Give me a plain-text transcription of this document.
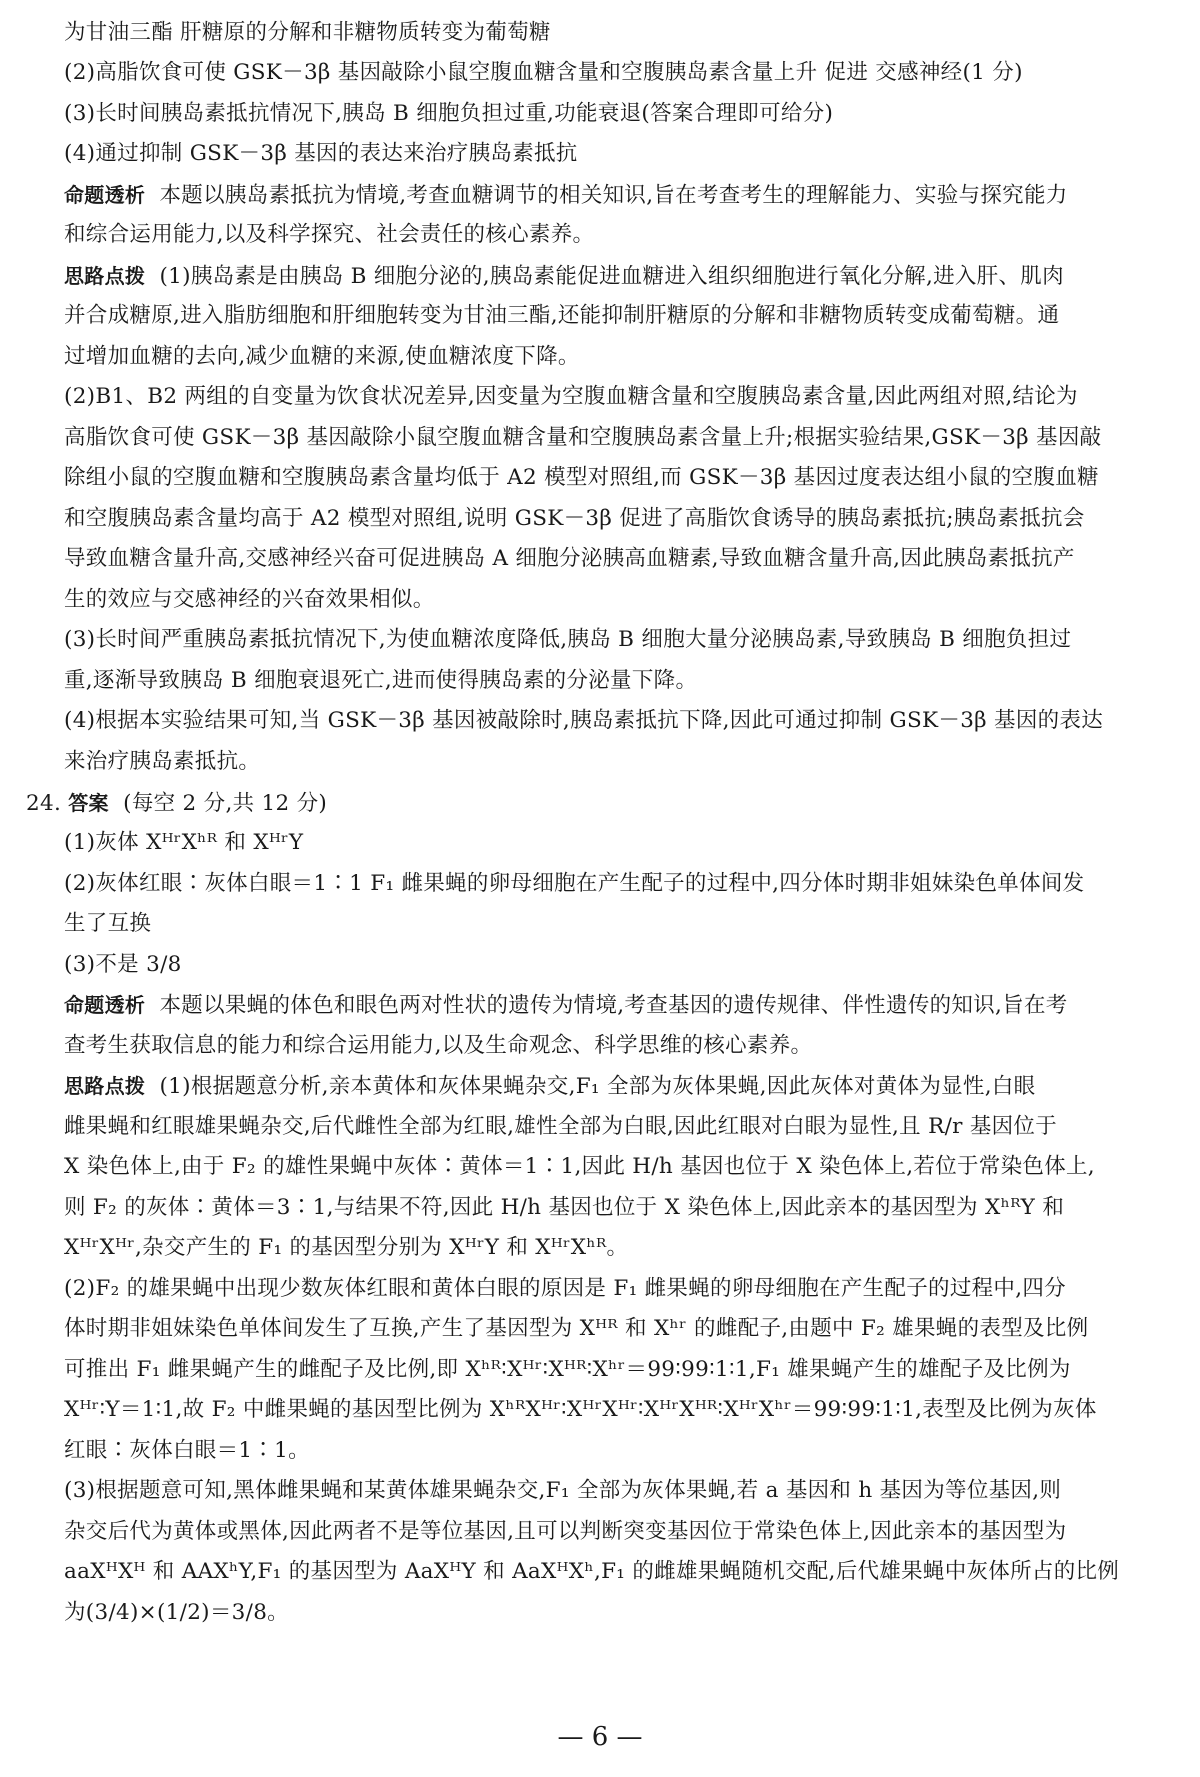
为甘油三酯 肝糖原的分解和非糖物质转变为葡萄糖
(2)高脂饮食可使 GSK－3β 基因敲除小鼠空腹血糖含量和空腹胰岛素含量上升 促进 交感神经(1 分)
(3)长时间胰岛素抵抗情况下,胰岛 B 细胞负担过重,功能衰退(答案合理即可给分)
(4)通过抑制 GSK－3β 基因的表达来治疗胰岛素抵抗
命题透析 本题以胰岛素抵抗为情境,考查血糖调节的相关知识,旨在考查考生的理解能力、实验与探究能力
和综合运用能力,以及科学探究、社会责任的核心素养。
思路点拨 (1)胰岛素是由胰岛 B 细胞分泌的,胰岛素能促进血糖进入组织细胞进行氧化分解,进入肝、肌肉
并合成糖原,进入脂肪细胞和肝细胞转变为甘油三酯,还能抑制肝糖原的分解和非糖物质转变成葡萄糖。通
过增加血糖的去向,减少血糖的来源,使血糖浓度下降。
(2)B1、B2 两组的自变量为饮食状况差异,因变量为空腹血糖含量和空腹胰岛素含量,因此两组对照,结论为
高脂饮食可使 GSK－3β 基因敲除小鼠空腹血糖含量和空腹胰岛素含量上升;根据实验结果,GSK－3β 基因敲
除组小鼠的空腹血糖和空腹胰岛素含量均低于 A2 模型对照组,而 GSK－3β 基因过度表达组小鼠的空腹血糖
和空腹胰岛素含量均高于 A2 模型对照组,说明 GSK－3β 促进了高脂饮食诱导的胰岛素抵抗;胰岛素抵抗会
导致血糖含量升高,交感神经兴奋可促进胰岛 A 细胞分泌胰高血糖素,导致血糖含量升高,因此胰岛素抵抗产
生的效应与交感神经的兴奋效果相似。
(3)长时间严重胰岛素抵抗情况下,为使血糖浓度降低,胰岛 B 细胞大量分泌胰岛素,导致胰岛 B 细胞负担过
重,逐渐导致胰岛 B 细胞衰退死亡,进而使得胰岛素的分泌量下降。
(4)根据本实验结果可知,当 GSK－3β 基因被敲除时,胰岛素抵抗下降,因此可通过抑制 GSK－3β 基因的表达
来治疗胰岛素抵抗。
24. 答案 (每空 2 分,共 12 分)
(1)灰体 XᴴʳXʰᴿ 和 XᴴʳY
(2)灰体红眼∶灰体白眼＝1∶1 F₁ 雌果蝇的卵母细胞在产生配子的过程中,四分体时期非姐妹染色单体间发
生了互换
(3)不是 3/8
命题透析 本题以果蝇的体色和眼色两对性状的遗传为情境,考查基因的遗传规律、伴性遗传的知识,旨在考
查考生获取信息的能力和综合运用能力,以及生命观念、科学思维的核心素养。
思路点拨 (1)根据题意分析,亲本黄体和灰体果蝇杂交,F₁ 全部为灰体果蝇,因此灰体对黄体为显性,白眼
雌果蝇和红眼雄果蝇杂交,后代雌性全部为红眼,雄性全部为白眼,因此红眼对白眼为显性,且 R/r 基因位于
X 染色体上,由于 F₂ 的雄性果蝇中灰体∶黄体＝1∶1,因此 H/h 基因也位于 X 染色体上,若位于常染色体上,
则 F₂ 的灰体∶黄体＝3∶1,与结果不符,因此 H/h 基因也位于 X 染色体上,因此亲本的基因型为 XʰᴿY 和
XᴴʳXᴴʳ,杂交产生的 F₁ 的基因型分别为 XᴴʳY 和 XᴴʳXʰᴿ。
(2)F₂ 的雄果蝇中出现少数灰体红眼和黄体白眼的原因是 F₁ 雌果蝇的卵母细胞在产生配子的过程中,四分
体时期非姐妹染色单体间发生了互换,产生了基因型为 Xᴴᴿ 和 Xʰʳ 的雌配子,由题中 F₂ 雄果蝇的表型及比例
可推出 F₁ 雌果蝇产生的雌配子及比例,即 Xʰᴿ∶Xᴴʳ∶Xᴴᴿ∶Xʰʳ＝99∶99∶1∶1,F₁ 雄果蝇产生的雄配子及比例为
Xᴴʳ∶Y＝1∶1,故 F₂ 中雌果蝇的基因型比例为 XʰᴿXᴴʳ∶XᴴʳXᴴʳ∶XᴴʳXᴴᴿ∶XᴴʳXʰʳ＝99∶99∶1∶1,表型及比例为灰体
红眼∶灰体白眼＝1∶1。
(3)根据题意可知,黑体雌果蝇和某黄体雄果蝇杂交,F₁ 全部为灰体果蝇,若 a 基因和 h 基因为等位基因,则
杂交后代为黄体或黑体,因此两者不是等位基因,且可以判断突变基因位于常染色体上,因此亲本的基因型为
aaXᴴXᴴ 和 AAXʰY,F₁ 的基因型为 AaXᴴY 和 AaXᴴXʰ,F₁ 的雌雄果蝇随机交配,后代雄果蝇中灰体所占的比例
为(3/4)×(1/2)＝3/8。
— 6 —
